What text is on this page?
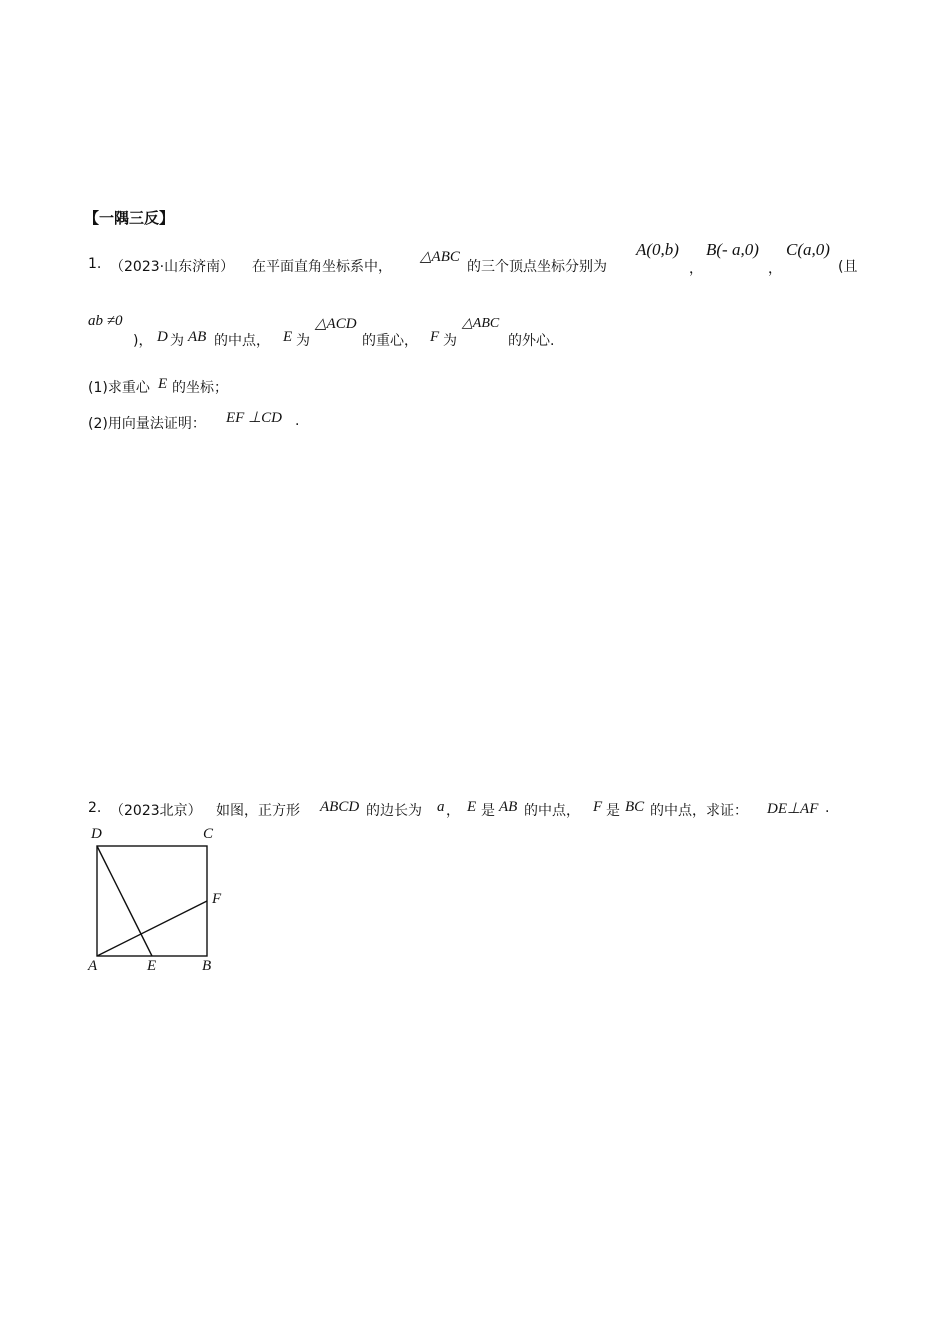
【一隅三反】
1. （2023·山东济南） 在平面直角坐标系中，
△ABC
的三个顶点坐标分别为
A(0,b)
，
B(- a,0)
，
C(a,0)
(且
ab ≠0
)， D 为 AB 的中点， E 为
△ACD
的重心， F 为
△ABC
的外心.
(1)求重心 E 的坐标；
(2)用向量法证明： EF ⊥CD .
2. （2023北京） 如图，正方形 ABCD 的边长为 a ， E 是 AB 的中点， F 是 BC 的中点，求证： DE⊥AF .
D	C
F
A	E	B
